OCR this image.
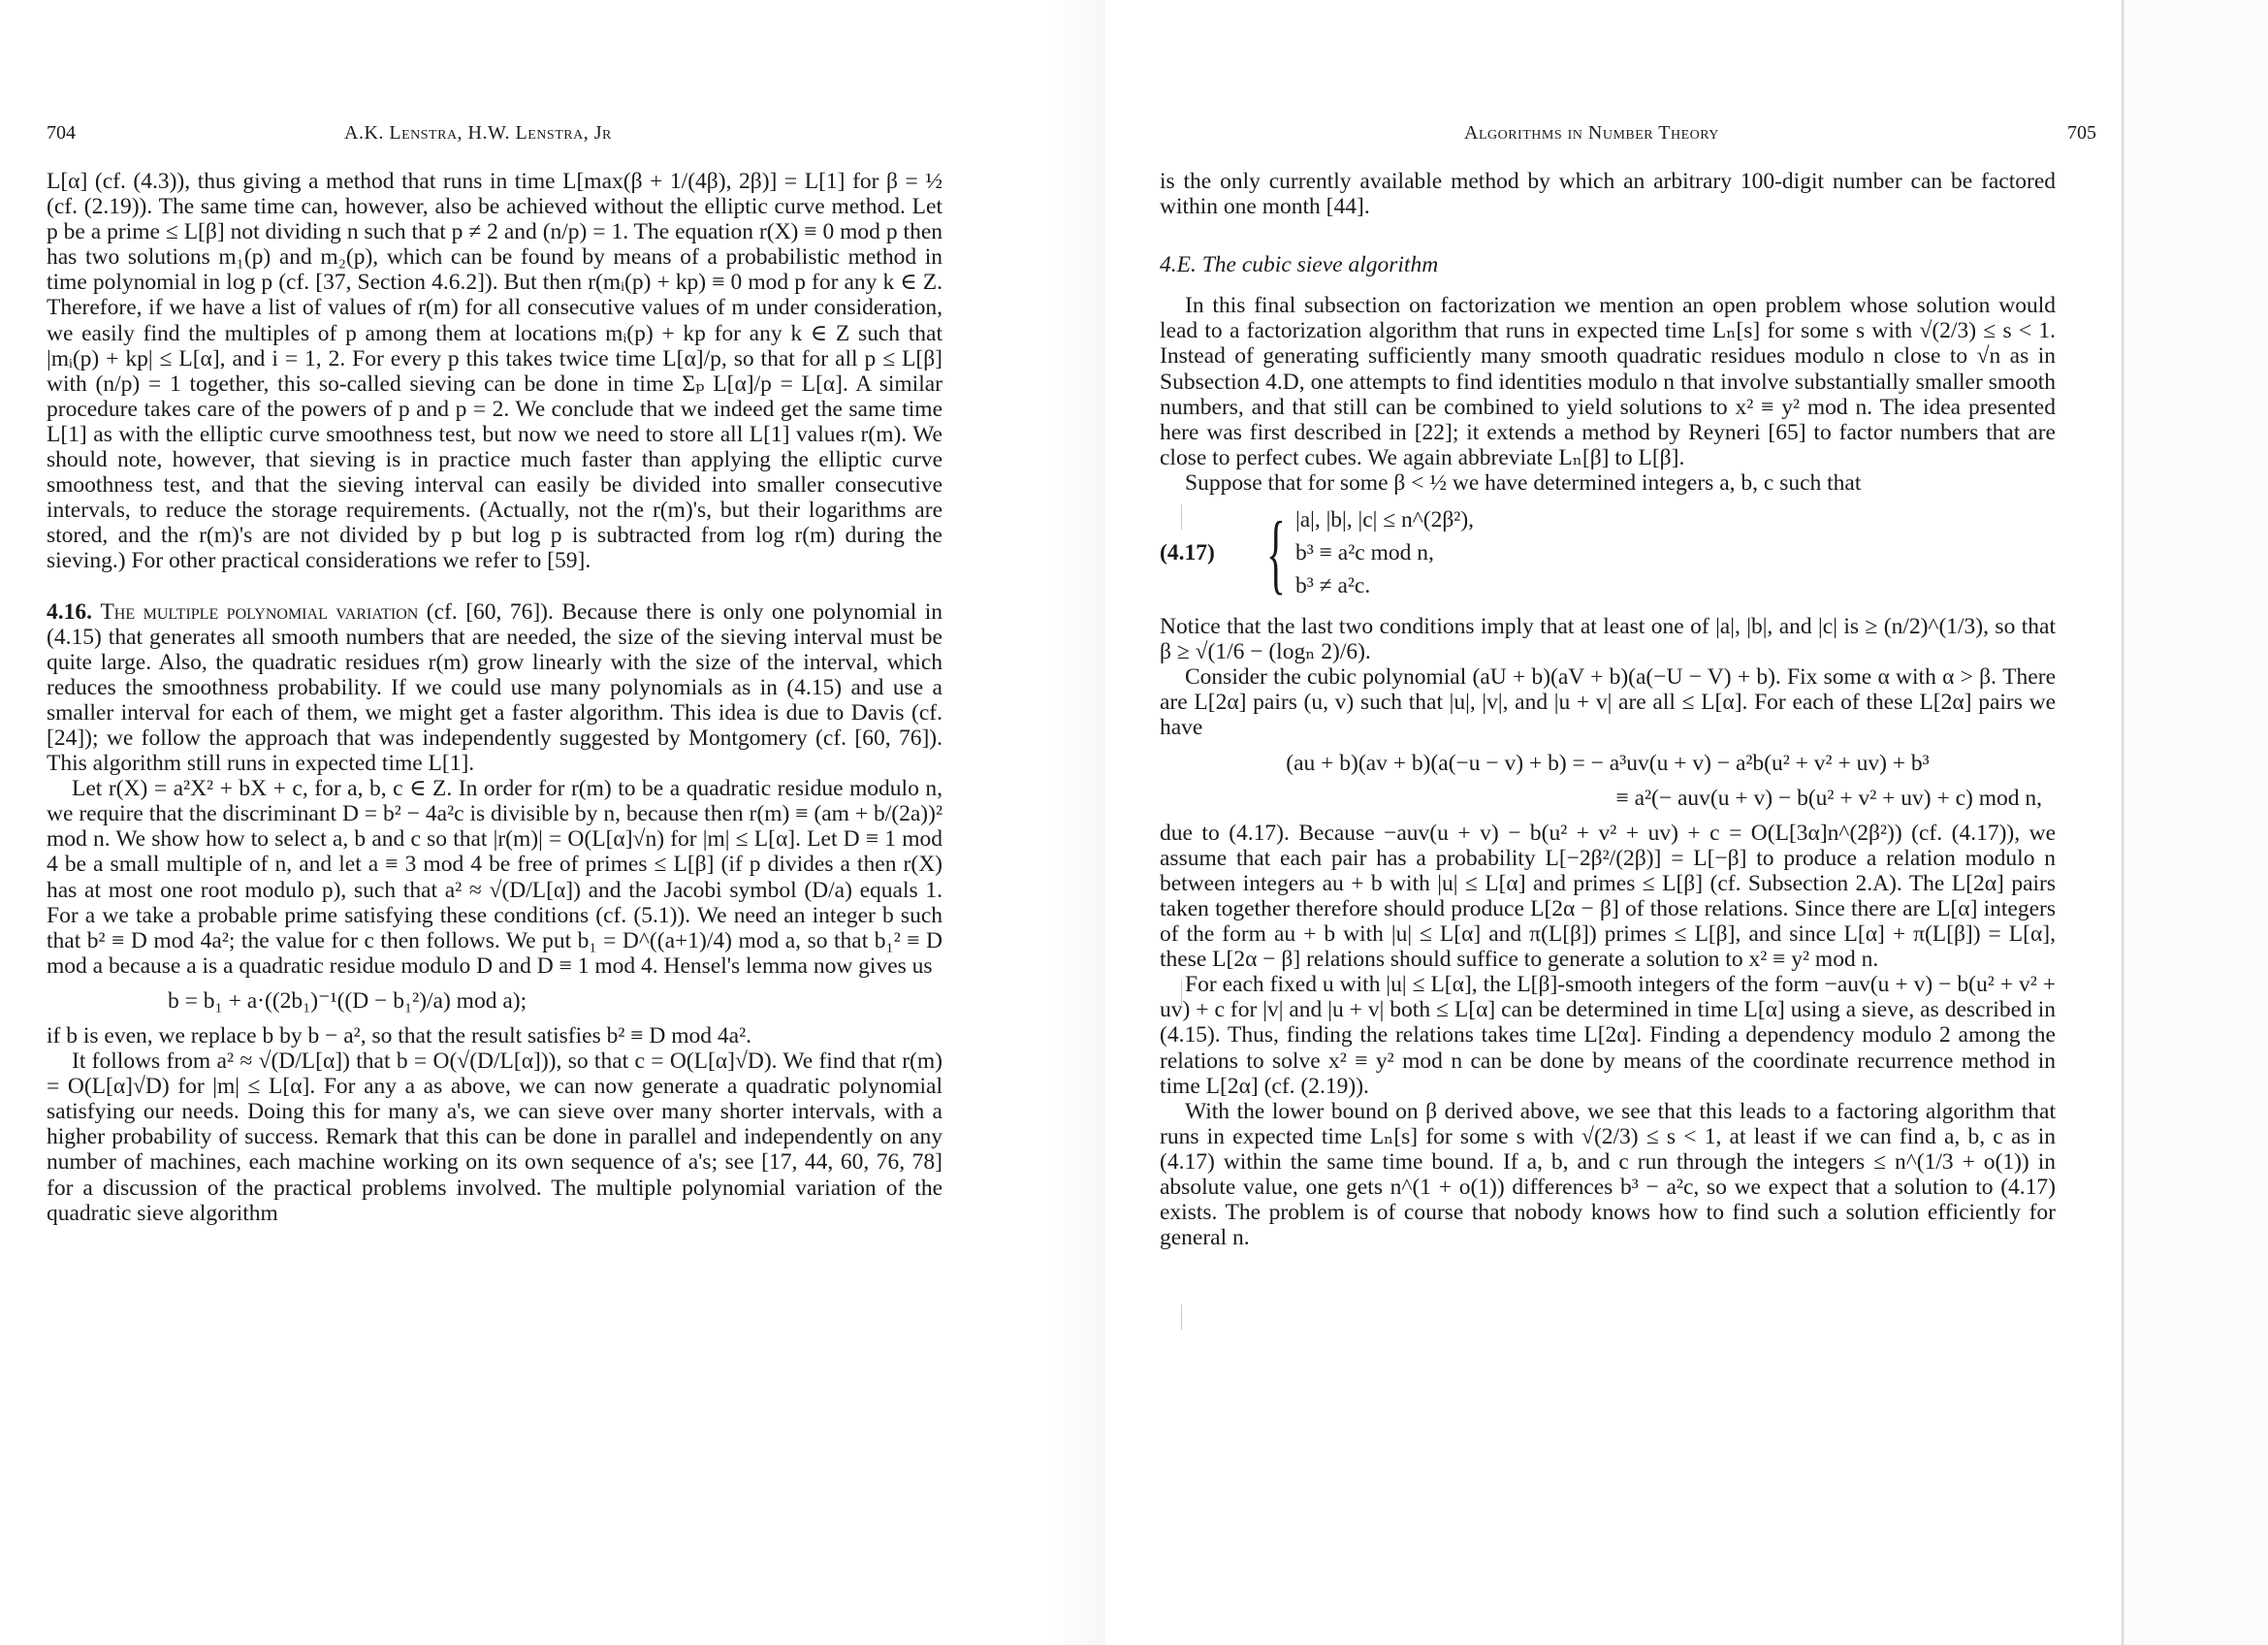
704	A.K. Lenstra, H.W. Lenstra, Jr

L[α] (cf. (4.3)), thus giving a method that runs in time L[max(β + 1/(4β), 2β)] = L[1] for β = ½ (cf. (2.19)). The same time can, however, also be achieved without the elliptic curve method. Let p be a prime ≤ L[β] not dividing n such that p ≠ 2 and (n/p) = 1. The equation r(X) ≡ 0 mod p then has two solutions m₁(p) and m₂(p), which can be found by means of a probabilistic method in time polynomial in log p (cf. [37, Section 4.6.2]). But then r(mᵢ(p) + kp) ≡ 0 mod p for any k ∈ Z. Therefore, if we have a list of values of r(m) for all consecutive values of m under consideration, we easily find the multiples of p among them at locations mᵢ(p) + kp for any k ∈ Z such that |mᵢ(p) + kp| ≤ L[α], and i = 1, 2. For every p this takes twice time L[α]/p, so that for all p ≤ L[β] with (n/p) = 1 together, this so-called sieving can be done in time Σₚ L[α]/p = L[α]. A similar procedure takes care of the powers of p and p = 2. We conclude that we indeed get the same time L[1] as with the elliptic curve smoothness test, but now we need to store all L[1] values r(m). We should note, however, that sieving is in practice much faster than applying the elliptic curve smoothness test, and that the sieving interval can easily be divided into smaller consecutive intervals, to reduce the storage requirements. (Actually, not the r(m)'s, but their logarithms are stored, and the r(m)'s are not divided by p but log p is subtracted from log r(m) during the sieving.) For other practical considerations we refer to [59].

4.16. The multiple polynomial variation (cf. [60, 76]). Because there is only one polynomial in (4.15) that generates all smooth numbers that are needed, the size of the sieving interval must be quite large. Also, the quadratic residues r(m) grow linearly with the size of the interval, which reduces the smoothness probability. If we could use many polynomials as in (4.15) and use a smaller interval for each of them, we might get a faster algorithm. This idea is due to Davis (cf. [24]); we follow the approach that was independently suggested by Montgomery (cf. [60, 76]). This algorithm still runs in expected time L[1].

Let r(X) = a²X² + bX + c, for a, b, c ∈ Z. In order for r(m) to be a quadratic residue modulo n, we require that the discriminant D = b² − 4a²c is divisible by n, because then r(m) ≡ (am + b/(2a))² mod n. We show how to select a, b and c so that |r(m)| = O(L[α]√n) for |m| ≤ L[α]. Let D ≡ 1 mod 4 be a small multiple of n, and let a ≡ 3 mod 4 be free of primes ≤ L[β] (if p divides a then r(X) has at most one root modulo p), such that a² ≈ √(D/L[α]) and the Jacobi symbol (D/a) equals 1. For a we take a probable prime satisfying these conditions (cf. (5.1)). We need an integer b such that b² ≡ D mod 4a²; the value for c then follows. We put b₁ = D^((a+1)/4) mod a, so that b₁² ≡ D mod a because a is a quadratic residue modulo D and D ≡ 1 mod 4. Hensel's lemma now gives us

b = b₁ + a·((2b₁)⁻¹((D − b₁²)/a) mod a);

if b is even, we replace b by b − a², so that the result satisfies b² ≡ D mod 4a².

It follows from a² ≈ √(D/L[α]) that b = O(√(D/L[α])), so that c = O(L[α]√D). We find that r(m) = O(L[α]√D) for |m| ≤ L[α]. For any a as above, we can now generate a quadratic polynomial satisfying our needs. Doing this for many a's, we can sieve over many shorter intervals, with a higher probability of success. Remark that this can be done in parallel and independently on any number of machines, each machine working on its own sequence of a's; see [17, 44, 60, 76, 78] for a discussion of the practical problems involved. The multiple polynomial variation of the quadratic sieve algorithm

Algorithms in Number Theory	705

is the only currently available method by which an arbitrary 100-digit number can be factored within one month [44].

4.E. The cubic sieve algorithm

In this final subsection on factorization we mention an open problem whose solution would lead to a factorization algorithm that runs in expected time Lₙ[s] for some s with √(2/3) ≤ s < 1. Instead of generating sufficiently many smooth quadratic residues modulo n close to √n as in Subsection 4.D, one attempts to find identities modulo n that involve substantially smaller smooth numbers, and that still can be combined to yield solutions to x² ≡ y² mod n. The idea presented here was first described in [22]; it extends a method by Reyneri [65] to factor numbers that are close to perfect cubes. We again abbreviate Lₙ[β] to L[β].

Suppose that for some β < ½ we have determined integers a, b, c such that

(4.17) { |a|, |b|, |c| ≤ n^(2β²),
b³ ≡ a²c mod n,
b³ ≠ a²c.

Notice that the last two conditions imply that at least one of |a|, |b|, and |c| is ≥ (n/2)^(1/3), so that β ≥ √(1/6 − (logₙ 2)/6).

Consider the cubic polynomial (aU + b)(aV + b)(a(−U − V) + b). Fix some α with α > β. There are L[2α] pairs (u, v) such that |u|, |v|, and |u + v| are all ≤ L[α]. For each of these L[2α] pairs we have

(au + b)(av + b)(a(−u − v) + b) = − a³uv(u + v) − a²b(u² + v² + uv) + b³

≡ a²(− auv(u + v) − b(u² + v² + uv) + c) mod n,

due to (4.17). Because −auv(u + v) − b(u² + v² + uv) + c = O(L[3α]n^(2β²)) (cf. (4.17)), we assume that each pair has a probability L[−2β²/(2β)] = L[−β] to produce a relation modulo n between integers au + b with |u| ≤ L[α] and primes ≤ L[β] (cf. Subsection 2.A). The L[2α] pairs taken together therefore should produce L[2α − β] of those relations. Since there are L[α] integers of the form au + b with |u| ≤ L[α] and π(L[β]) primes ≤ L[β], and since L[α] + π(L[β]) = L[α], these L[2α − β] relations should suffice to generate a solution to x² ≡ y² mod n.

For each fixed u with |u| ≤ L[α], the L[β]-smooth integers of the form −auv(u + v) − b(u² + v² + uv) + c for |v| and |u + v| both ≤ L[α] can be determined in time L[α] using a sieve, as described in (4.15). Thus, finding the relations takes time L[2α]. Finding a dependency modulo 2 among the relations to solve x² ≡ y² mod n can be done by means of the coordinate recurrence method in time L[2α] (cf. (2.19)).

With the lower bound on β derived above, we see that this leads to a factoring algorithm that runs in expected time Lₙ[s] for some s with √(2/3) ≤ s < 1, at least if we can find a, b, c as in (4.17) within the same time bound. If a, b, and c run through the integers ≤ n^(1/3 + o(1)) in absolute value, one gets n^(1 + o(1)) differences b³ − a²c, so we expect that a solution to (4.17) exists. The problem is of course that nobody knows how to find such a solution efficiently for general n.
